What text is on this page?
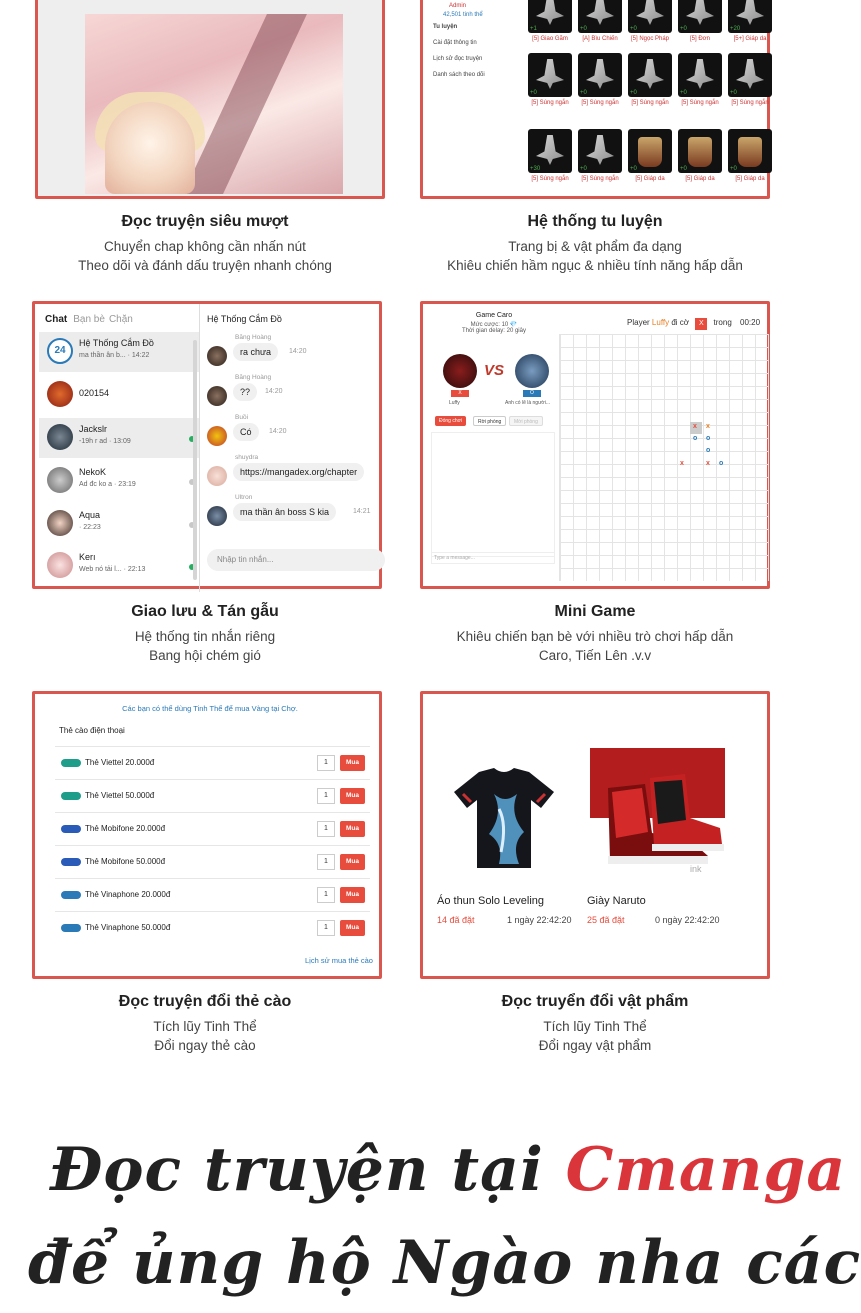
Đọc truyện siêu mượt
Chuyển chap không cần nhấn nút
Theo dõi và đánh dấu truyện nhanh chóng
Admin
42,501 tinh thể
Tu luyện
Cài đặt thông tin
Lịch sử đọc truyện
Danh sách theo dõi
+1
[5] Giao Gãm
+0
[A] Bìu Chiến
+0
[5] Ngọc Pháp
+0
[5] Đơn
+20
[5+] Giáp da
+0
[5] Súng ngắn
+0
[5] Súng ngắn
+0
[5] Súng ngắn
+0
[5] Súng ngắn
+0
[5] Súng ngắn
+30
[5] Súng ngắn
+0
[5] Súng ngắn
+0
[5] Giáp da
+0
[5] Giáp da
+0
[5] Giáp da
Hệ thống tu luyện
Trang bị & vật phẩm đa dạng
Khiêu chiến hầm ngục & nhiều tính năng hấp dẫn
Chat Bạn bè Chặn
24
Hệ Thống Cắm Đồ
ma thần ân b... · 14:22
020154
Jackslr
-19h r ad · 13:09
NekoK
Ad đc ko a · 23:19
Aqua
· 22:23
Kerı
Web nó tải l... · 22:13
Hệ Thống Cắm Đồ
Băng Hoàng
ra chưa	14:20
Băng Hoàng
??	14:20
Buồi
Có	14:20
shuydra
https://mangadex.org/chapter
Ultron
ma thần ân boss S kia	14:21
Nhập tin nhắn...
Giao lưu & Tán gẫu
Hệ thống tin nhắn riêng
Bang hội chém gió
Game Caro
Mức cược: 10 💎
Thời gian delay: 20 giây
VS
X	O
Luffy	Anh có lẽ là người...
Đóng chơi	Rời phòng	Mời phòng
Type a message...
Player Luffy đi cờ X trong 00:20
x x
o o
o
x	x o
Mini Game
Khiêu chiến bạn bè với nhiều trò chơi hấp dẫn
Caro, Tiến Lên .v.v
Các bạn có thể dùng Tinh Thể để mua Vàng tại Chợ.
Thẻ cào điện thoại
Thẻ Viettel 20.000đ	1	Mua
Thẻ Viettel 50.000đ	1	Mua
Thẻ Mobifone 20.000đ	1	Mua
Thẻ Mobifone 50.000đ	1	Mua
Thẻ Vinaphone 20.000đ	1	Mua
Thẻ Vinaphone 50.000đ	1	Mua
Lịch sử mua thẻ cào
Đọc truyện đổi thẻ cào
Tích lũy Tinh Thể
Đổi ngay thẻ cào
ink
Áo thun Solo Leveling
14 đã đặt	1 ngày 22:42:20
Giày Naruto
25 đã đặt	0 ngày 22:42:20
Đọc truyển đổi vật phẩm
Tích lũy Tinh Thể
Đổi ngay vật phẩm
Đọc truyện tại Cmanga
để ủng hộ Ngào nha các
